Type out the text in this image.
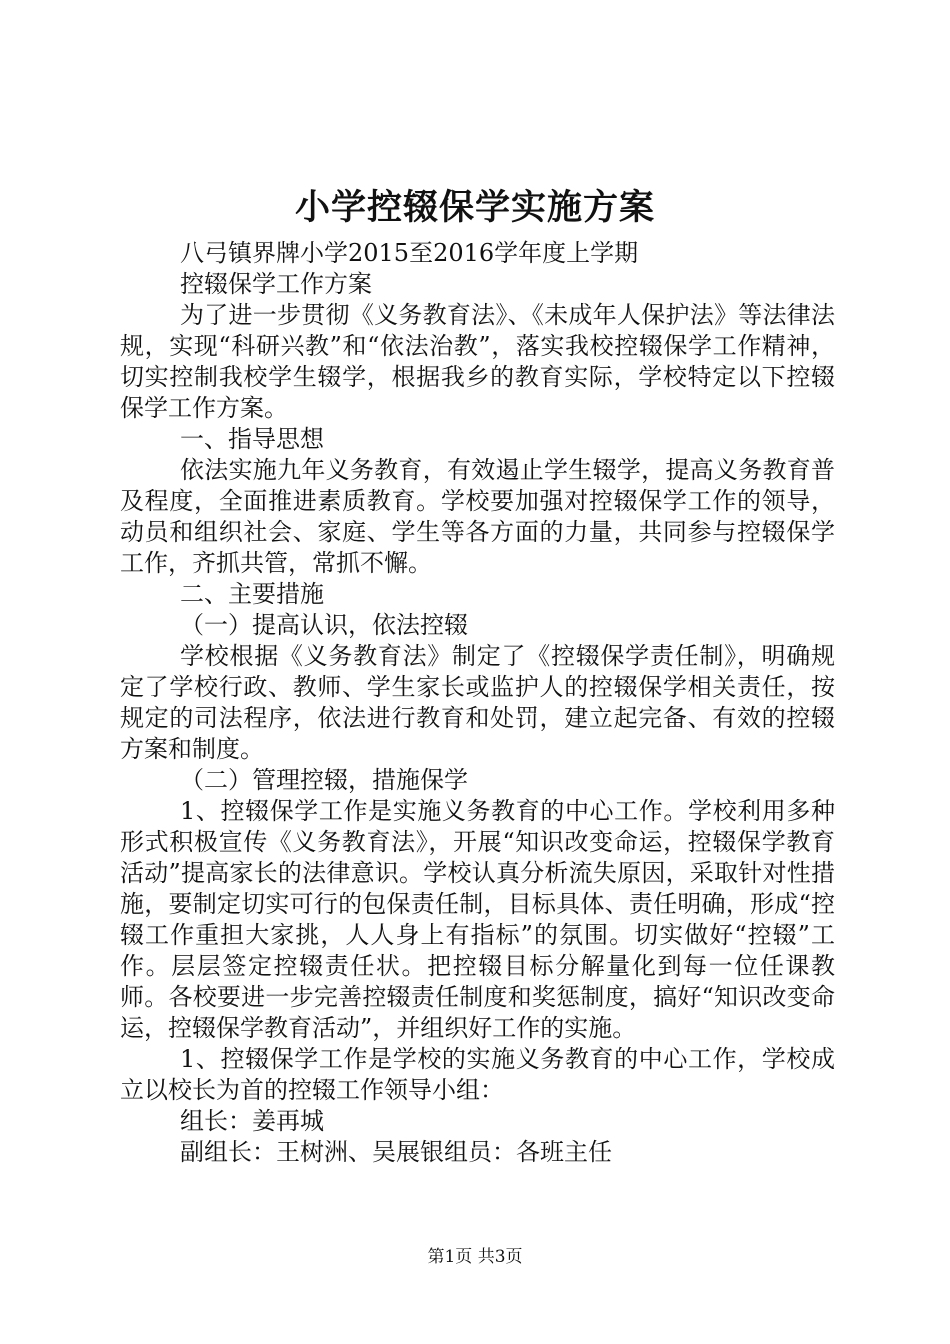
小学控辍保学实施方案

八弓镇界牌小学2015至2016学年度上学期

控辍保学工作方案

为了进一步贯彻《义务教育法》、《未成年人保护法》等法律法规，实现“科研兴教”和“依法治教”，落实我校控辍保学工作精神，切实控制我校学生辍学，根据我乡的教育实际，学校特定以下控辍保学工作方案。

一、指导思想

依法实施九年义务教育，有效遏止学生辍学，提高义务教育普及程度，全面推进素质教育。学校要加强对控辍保学工作的领导，动员和组织社会、家庭、学生等各方面的力量，共同参与控辍保学工作，齐抓共管，常抓不懈。

二、主要措施

（一）提高认识，依法控辍

学校根据《义务教育法》制定了《控辍保学责任制》，明确规定了学校行政、教师、学生家长或监护人的控辍保学相关责任，按规定的司法程序，依法进行教育和处罚，建立起完备、有效的控辍方案和制度。

（二）管理控辍，措施保学

1、控辍保学工作是实施义务教育的中心工作。学校利用多种形式积极宣传《义务教育法》，开展“知识改变命运，控辍保学教育活动”提高家长的法律意识。学校认真分析流失原因，采取针对性措施，要制定切实可行的包保责任制，目标具体、责任明确，形成“控辍工作重担大家挑，人人身上有指标”的氛围。切实做好“控辍”工作。层层签定控辍责任状。把控辍目标分解量化到每一位任课教师。各校要进一步完善控辍责任制度和奖惩制度，搞好“知识改变命运，控辍保学教育活动”，并组织好工作的实施。

1、控辍保学工作是学校的实施义务教育的中心工作，学校成立以校长为首的控辍工作领导小组：

组长：姜再城

副组长：王树洲、吴展银组员：各班主任

第1页 共3页
